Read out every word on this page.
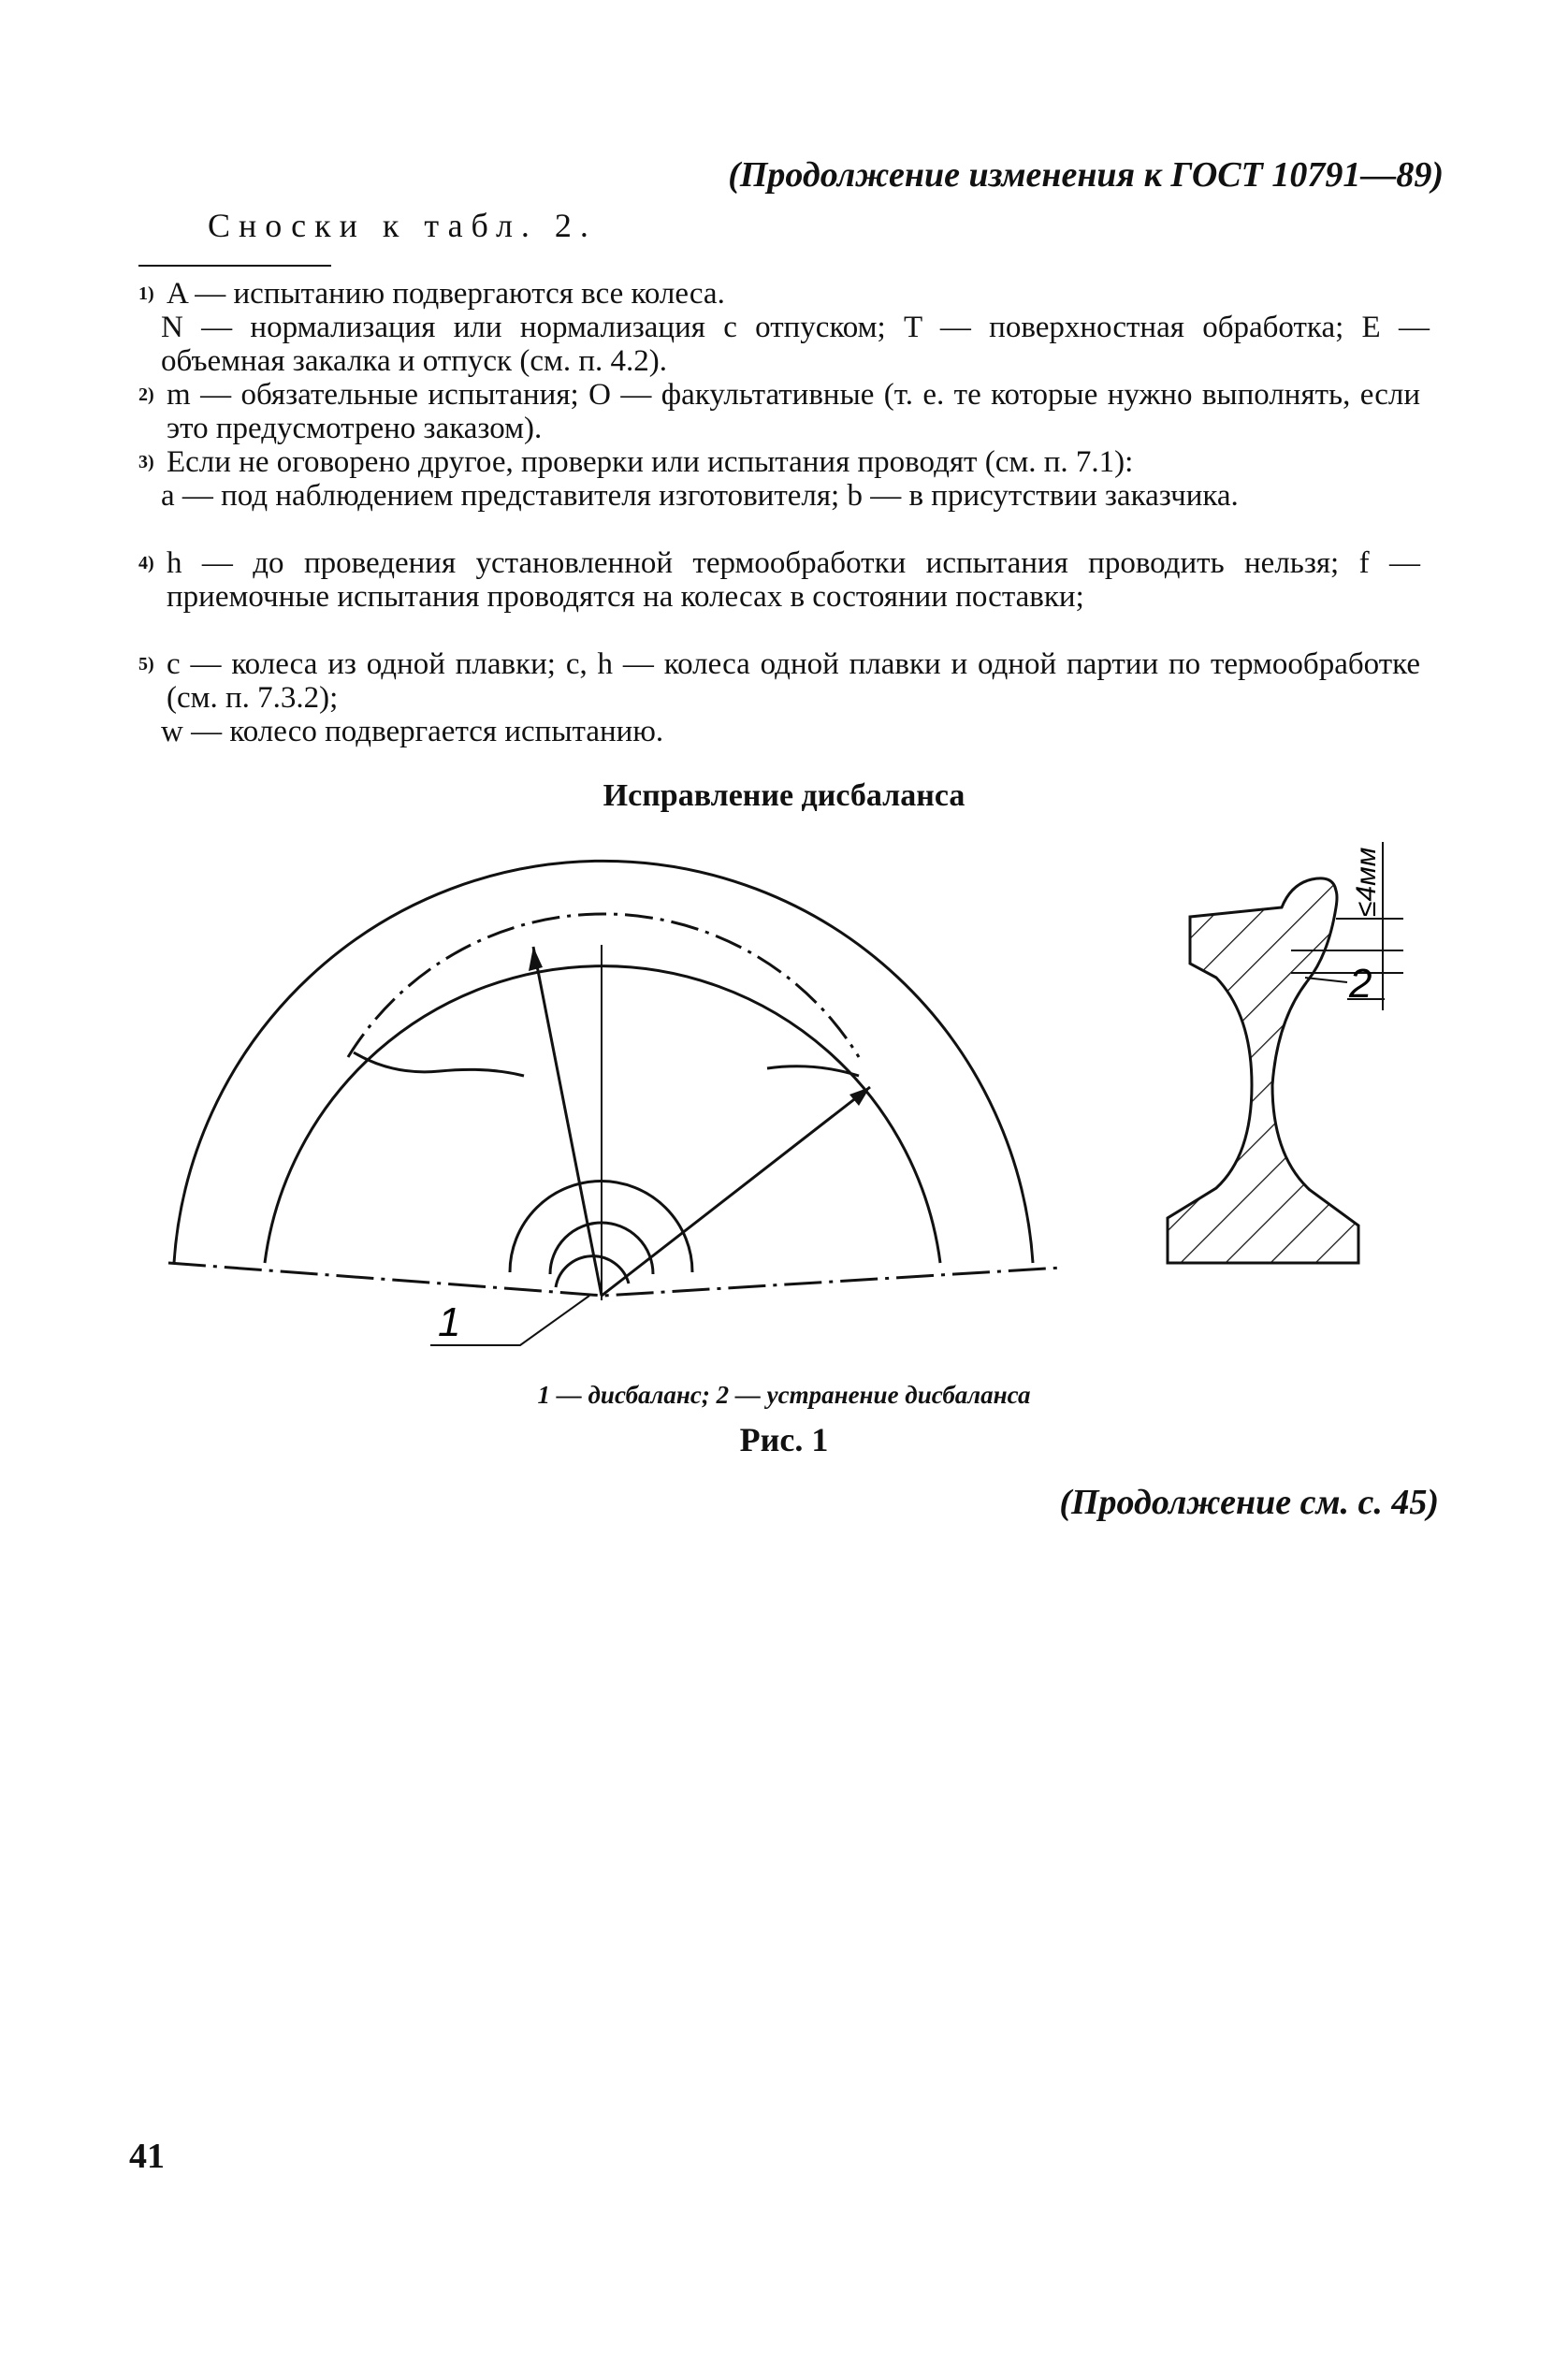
(Продолжение изменения к ГОСТ 10791—89)
Сноски к табл. 2.
1) A — испытанию подвергаются все колеса.
N — нормализация или нормализация с отпуском; T — поверхностная обработка; E — объемная закалка и отпуск (см. п. 4.2).
2) m — обязательные испытания; O — факультативные (т. е. те которые нужно выполнять, если это предусмотрено заказом).
3) Если не оговорено другое, проверки или испытания проводят (см. п. 7.1):
a — под наблюдением представителя изготовителя; b — в присутствии заказчика.
4) h — до проведения установленной термообработки испытания проводить нельзя; f — приемочные испытания проводятся на колесах в состоянии поставки;
5) c — колеса из одной плавки; c, h — колеса одной плавки и одной партии по термообработке (см. п. 7.3.2);
w — колесо подвергается испытанию.
Исправление дисбаланса
1
2
≤4мм
1 — дисбаланс; 2 — устранение дисбаланса
Рис. 1
(Продолжение см. с. 45)
41
